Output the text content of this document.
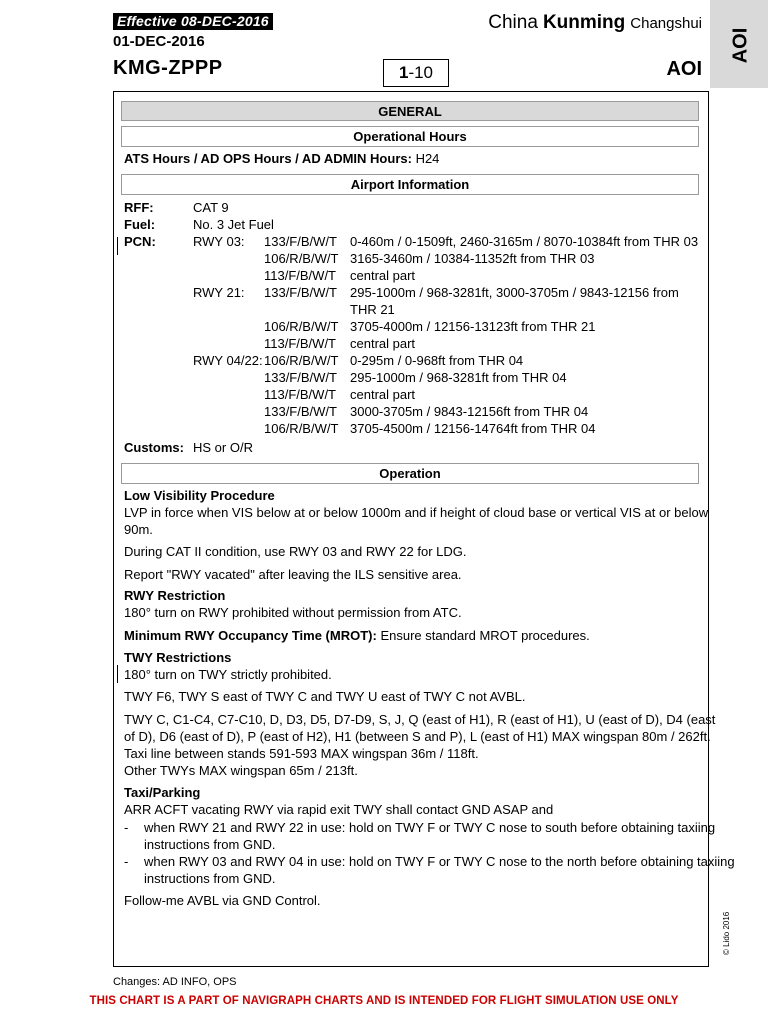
Effective 08-DEC-2016
01-DEC-2016
KMG-ZPPP	1-10
China Kunming Changshui
AOI
AOI
GENERAL
Operational Hours
ATS Hours / AD OPS Hours / AD ADMIN Hours: H24
Airport Information
RFF:	CAT 9
Fuel:	No. 3 Jet Fuel
PCN:	RWY 03: 133/F/B/W/T 0-460m / 0-1509ft, 2460-3165m / 8070-10384ft from THR 03
106/R/B/W/T 3165-3460m / 10384-11352ft from THR 03
113/F/B/W/T central part
RWY 21: 133/F/B/W/T 295-1000m / 968-3281ft, 3000-3705m / 9843-12156 from
THR 21
106/R/B/W/T 3705-4000m / 12156-13123ft from THR 21
113/F/B/W/T central part
RWY 04/22: 106/R/B/W/T 0-295m / 0-968ft from THR 04
133/F/B/W/T 295-1000m / 968-3281ft from THR 04
113/F/B/W/T central part
133/F/B/W/T 3000-3705m / 9843-12156ft from THR 04
106/R/B/W/T 3705-4500m / 12156-14764ft from THR 04
Customs: HS or O/R
Operation
Low Visibility Procedure
LVP in force when VIS below at or below 1000m and if height of cloud base or vertical VIS at or below
90m.
During CAT II condition, use RWY 03 and RWY 22 for LDG.
Report "RWY vacated" after leaving the ILS sensitive area.
RWY Restriction
180° turn on RWY prohibited without permission from ATC.
Minimum RWY Occupancy Time (MROT): Ensure standard MROT procedures.
TWY Restrictions
180° turn on TWY strictly prohibited.
TWY F6, TWY S east of TWY C and TWY U east of TWY C not AVBL.
TWY C, C1-C4, C7-C10, D, D3, D5, D7-D9, S, J, Q (east of H1), R (east of H1), U (east of D), D4 (east
of D), D6 (east of D), P (east of H2), H1 (between S and P), L (east of H1) MAX wingspan 80m / 262ft.
Taxi line between stands 591-593 MAX wingspan 36m / 118ft.
Other TWYs MAX wingspan 65m / 213ft.
Taxi/Parking
ARR ACFT vacating RWY via rapid exit TWY shall contact GND ASAP and
- when RWY 21 and RWY 22 in use: hold on TWY F or TWY C nose to south before obtaining taxiing
instructions from GND.
- when RWY 03 and RWY 04 in use: hold on TWY F or TWY C nose to the north before obtaining taxiing
instructions from GND.
Follow-me AVBL via GND Control.
Changes: AD INFO, OPS
THIS CHART IS A PART OF NAVIGRAPH CHARTS AND IS INTENDED FOR FLIGHT SIMULATION USE ONLY
© Lido 2016
